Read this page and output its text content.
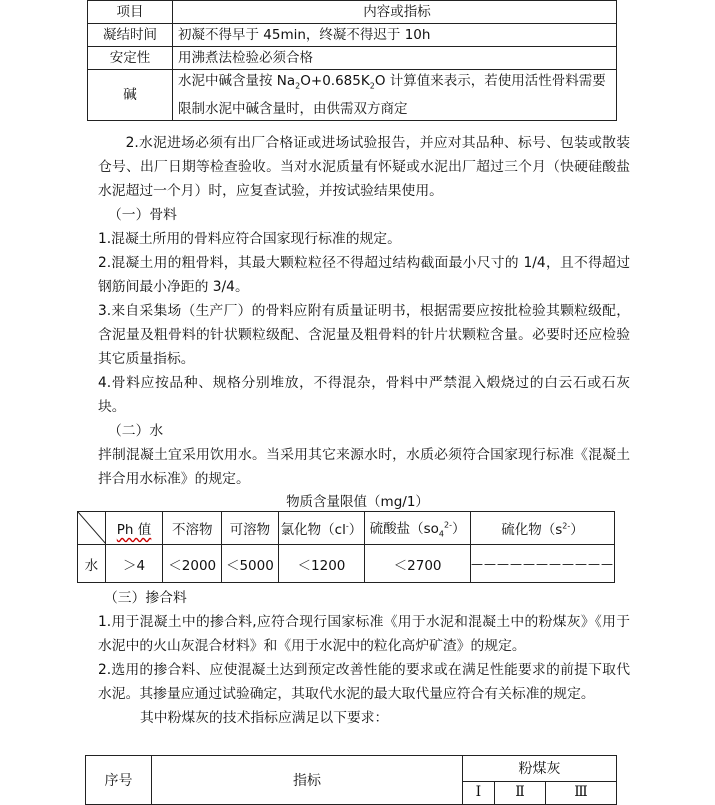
项目	内容或指标
凝结时间	初凝不得早于 45min，终凝不得迟于 10h
安定性	用沸煮法检验必须合格
碱	水泥中碱含量按 $Na_2O+0.685K_2O$ 计算值来表示，若使用活性骨料需要限制水泥中碱含量时，由供需双方商定
2.水泥进场必须有出厂合格证或进场试验报告，并应对其品种、标号、包装或散装仓号、出厂日期等检查验收。当对水泥质量有怀疑或水泥出厂超过三个月（快硬硅酸盐水泥超过一个月）时，应复查试验，并按试验结果使用。
（一）骨料
1.混凝土所用的骨料应符合国家现行标准的规定。
2.混凝土用的粗骨料，其最大颗粒粒径不得超过结构截面最小尺寸的 1/4，且不得超过钢筋间最小净距的 3/4。
3.来自采集场（生产厂）的骨料应附有质量证明书，根据需要应按批检验其颗粒级配，含泥量及粗骨料的针状颗粒级配、含泥量及粗骨料的针片状颗粒含量。必要时还应检验其它质量指标。
4.骨料应按品种、规格分别堆放，不得混杂，骨料中严禁混入煅烧过的白云石或石灰块。
（二）水
拌制混凝土宜采用饮用水。当采用其它来源水时，水质必须符合国家现行标准《混凝土拌合用水标准》的规定。
物质含量限值（mg/1）
	Ph 值	不溶物	可溶物	氯化物（cl-）	硫酸盐$(so_4^{2-})$	硫化物$(s^{2-})$
水	＞4	＜2000	＜5000	＜1200	＜2700	———————————
（三）掺合料
1.用于混凝土中的掺合料,应符合现行国家标准《用于水泥和混凝土中的粉煤灰》《用于水泥中的火山灰混合材料》和《用于水泥中的粒化高炉矿渣》的规定。
2.选用的掺合料、应使混凝土达到预定改善性能的要求或在满足性能要求的前提下取代水泥。其掺量应通过试验确定，其取代水泥的最大取代量应符合有关标准的规定。
其中粉煤灰的技术指标应满足以下要求：
序号	指标	粉煤灰		
		Ⅰ	Ⅱ	Ⅲ
